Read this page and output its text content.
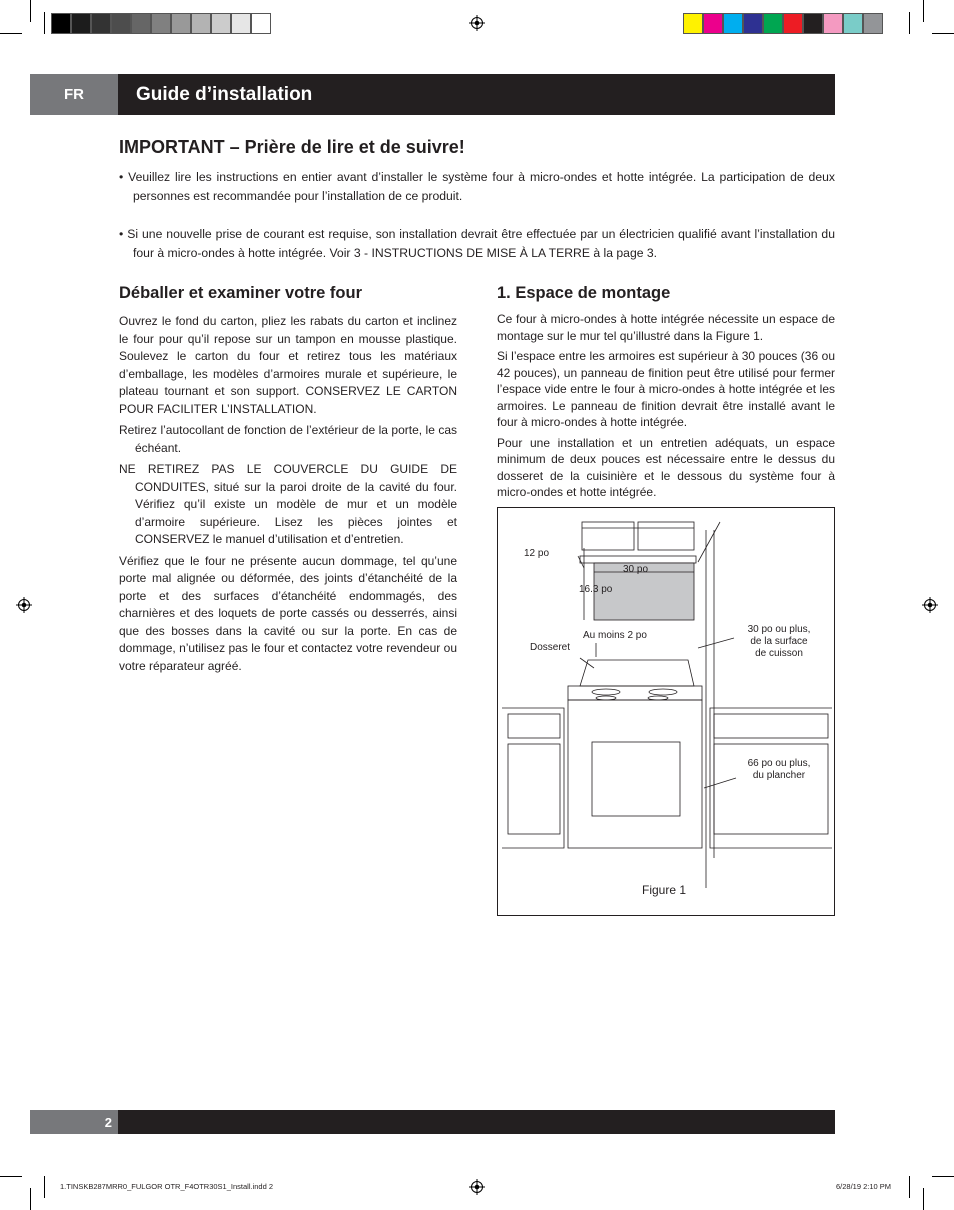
FR	Guide d’installation
IMPORTANT – Prière de lire et de suivre!
• Veuillez lire les instructions en entier avant d’installer le système four à micro-ondes et hotte intégrée. La participation de deux personnes est recommandée pour l’installation de ce produit.
• Si une nouvelle prise de courant est requise, son installation devrait être effectuée par un électricien qualifié avant l’installation du four à micro-ondes à hotte intégrée. Voir 3 - INSTRUCTIONS DE MISE À LA TERRE à la page 3.
Déballer et examiner votre four

Ouvrez le fond du carton, pliez les rabats du carton et inclinez le four pour qu’il repose sur un tampon en mousse plastique. Soulevez le carton du four et retirez tous les matériaux d’emballage, les modèles d’armoires murale et supérieure, le plateau tournant et son support. CONSERVEZ LE CARTON POUR FACILITER L’INSTALLATION.

Retirez l’autocollant de fonction de l’extérieur de la porte, le cas échéant.

NE RETIREZ PAS LE COUVERCLE DU GUIDE DE CONDUITES, situé sur la paroi droite de la cavité du four. Vérifiez qu’il existe un modèle de mur et un modèle d’armoire supérieure. Lisez les pièces jointes et CONSERVEZ le manuel d’utilisation et d’entretien.

Vérifiez que le four ne présente aucun dommage, tel qu’une porte mal alignée ou déformée, des joints d’étanchéité de la porte et des surfaces d’étanchéité endommagés, des charnières et des loquets de porte cassés ou desserrés, ainsi que des bosses dans la cavité ou sur la porte. En cas de dommage, n’utilisez pas le four et contactez votre revendeur ou votre réparateur agréé.

1. Espace de montage

Ce four à micro-ondes à hotte intégrée nécessite un espace de montage sur le mur tel qu’illustré dans la Figure 1.

Si l’espace entre les armoires est supérieur à 30 pouces (36 ou 42 pouces), un panneau de finition peut être utilisé pour fermer l’espace vide entre le four à micro-ondes à hotte intégrée et les armoires. Le panneau de finition devrait être installé avant le four à micro-ondes à hotte intégrée.

Pour une installation et un entretien adéquats, un espace minimum de deux pouces est nécessaire entre le dessus du dosseret de la cuisinière et le dessous du système four à micro-ondes et hotte intégrée.

12 po
30 po
16.3 po
Au moins 2 po
Dosseret
30 po ou plus,
de la surface
de cuisson
66 po ou plus,
du plancher
Figure 1
2
1.TINSKB287MRR0_FULGOR OTR_F4OTR30S1_Install.indd 2	6/28/19 2:10 PM
